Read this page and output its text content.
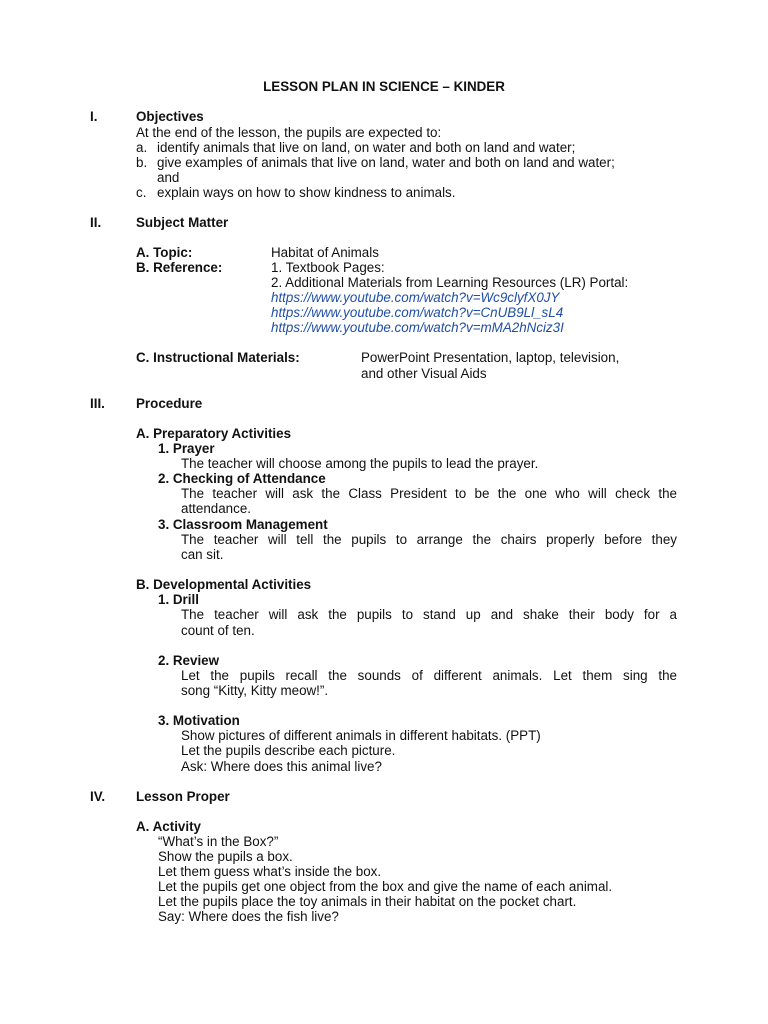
LESSON PLAN IN SCIENCE – KINDER
I.	Objectives
At the end of the lesson, the pupils are expected to:
a. identify animals that live on land, on water and both on land and water;
b. give examples of animals that live on land, water and both on land and water;
and
c. explain ways on how to show kindness to animals.
II.	Subject Matter
A. Topic:	Habitat of Animals
B. Reference:	1. Textbook Pages:
2. Additional Materials from Learning Resources (LR) Portal:
https://www.youtube.com/watch?v=Wc9clyfX0JY
https://www.youtube.com/watch?v=CnUB9Ll_sL4
https://www.youtube.com/watch?v=mMA2hNciz3I
C. Instructional Materials:	PowerPoint Presentation, laptop, television,
and other Visual Aids
III. Procedure
A. Preparatory Activities
1. Prayer
The teacher will choose among the pupils to lead the prayer.
2. Checking of Attendance
The teacher will ask the Class President to be the one who will check the
attendance.
3. Classroom Management
The teacher will tell the pupils to arrange the chairs properly before they
can sit.
B. Developmental Activities
1. Drill
The teacher will ask the pupils to stand up and shake their body for a
count of ten.
2. Review
Let the pupils recall the sounds of different animals. Let them sing the
song “Kitty, Kitty meow!”.
3. Motivation
Show pictures of different animals in different habitats. (PPT)
Let the pupils describe each picture.
Ask: Where does this animal live?
IV. Lesson Proper
A. Activity
“What’s in the Box?”
Show the pupils a box.
Let them guess what’s inside the box.
Let the pupils get one object from the box and give the name of each animal.
Let the pupils place the toy animals in their habitat on the pocket chart.
Say: Where does the fish live?
